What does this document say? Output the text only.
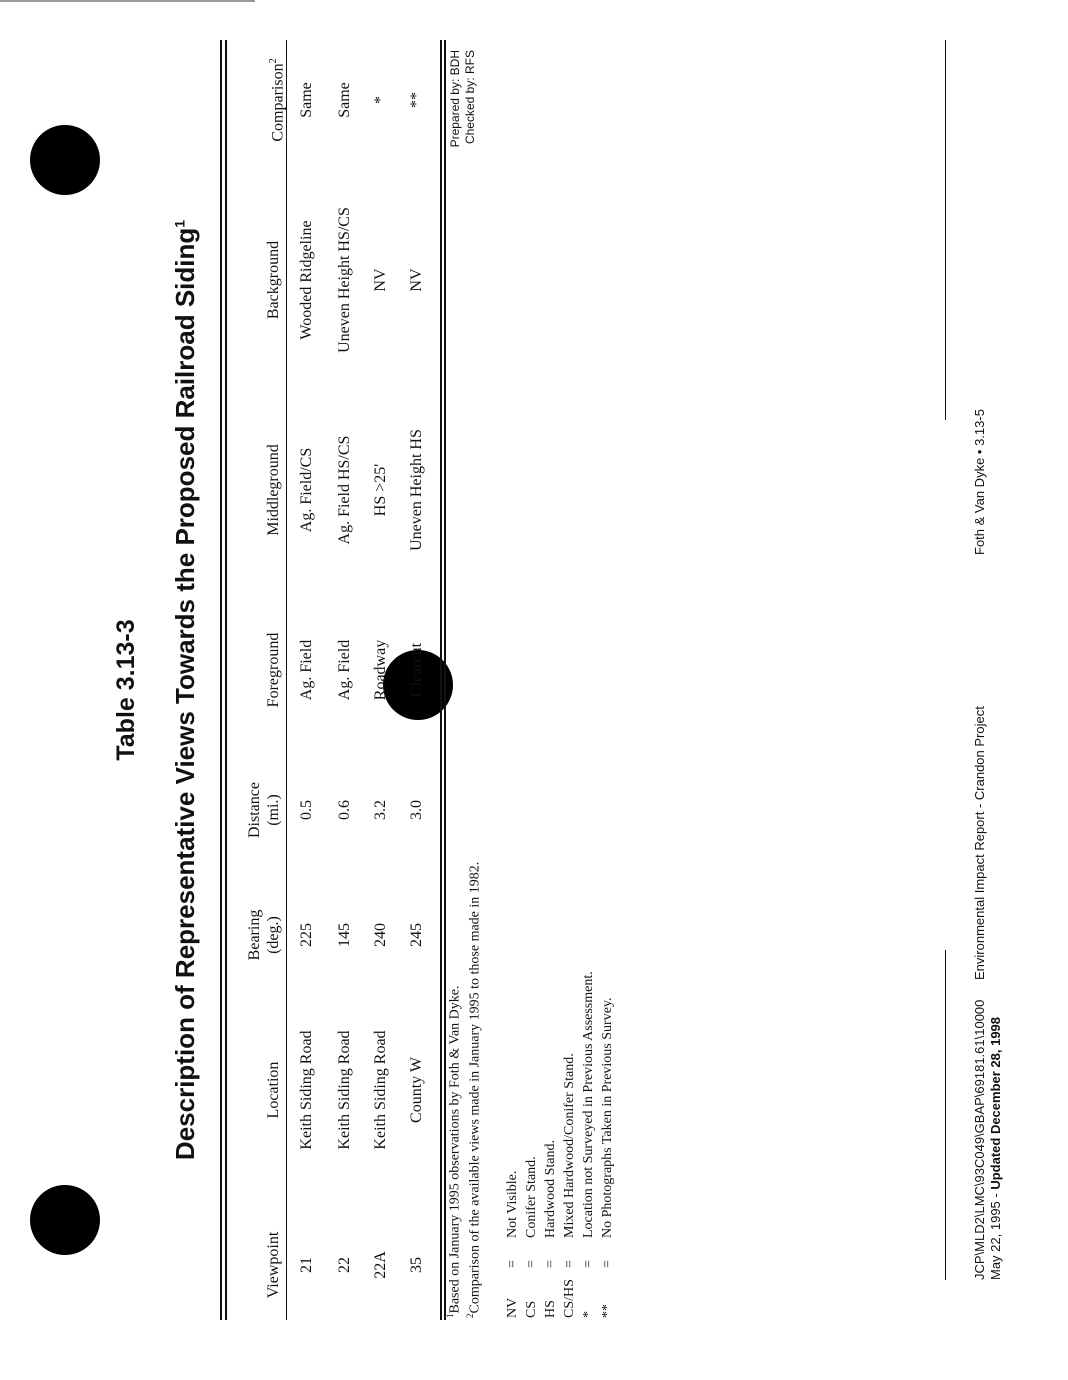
Table 3.13-3 Description of Representative Views Towards the Proposed Railroad Siding$^1$
Viewpoint
Location
Bearing (deg.)
Distance (mi.)
Foreground
Middleground
Background
Comparison$^2$
21
Keith Siding Road
225
0.5
Ag. Field
Ag. Field/CS
Wooded Ridgeline
Same
22
Keith Siding Road
145
0.6
Ag. Field
Ag. Field HS/CS
Uneven Height HS/CS
Same
22A
Keith Siding Road
240
3.2
Roadway
HS >25'
NV
*
35
County W
245
3.0
Clearcut
Uneven Height HS
NV
** Prepared by: BDH Checked by: RFS
$^1$Based on January 1995 observations by Foth & Van Dyke.
$^2$Comparison of the available views made in January 1995 to those made in 1982. NV
=
Not Visible.
CS
=
Conifer Stand.
HS
=
Hardwood Stand.
CS/HS
=
Mixed Hardwood/Conifer Stand.
*
=
Location not Surveyed in Previous Assessment.
**
=
No Photographs Taken in Previous Survey.	JCP\MLD2\LMC\93C049\GBAP\69181.61\10000 May 22, 1995 - Updated December 28, 1998
Environmental Impact Report - Crandon Project
Foth & Van Dyke • 3.13-5
